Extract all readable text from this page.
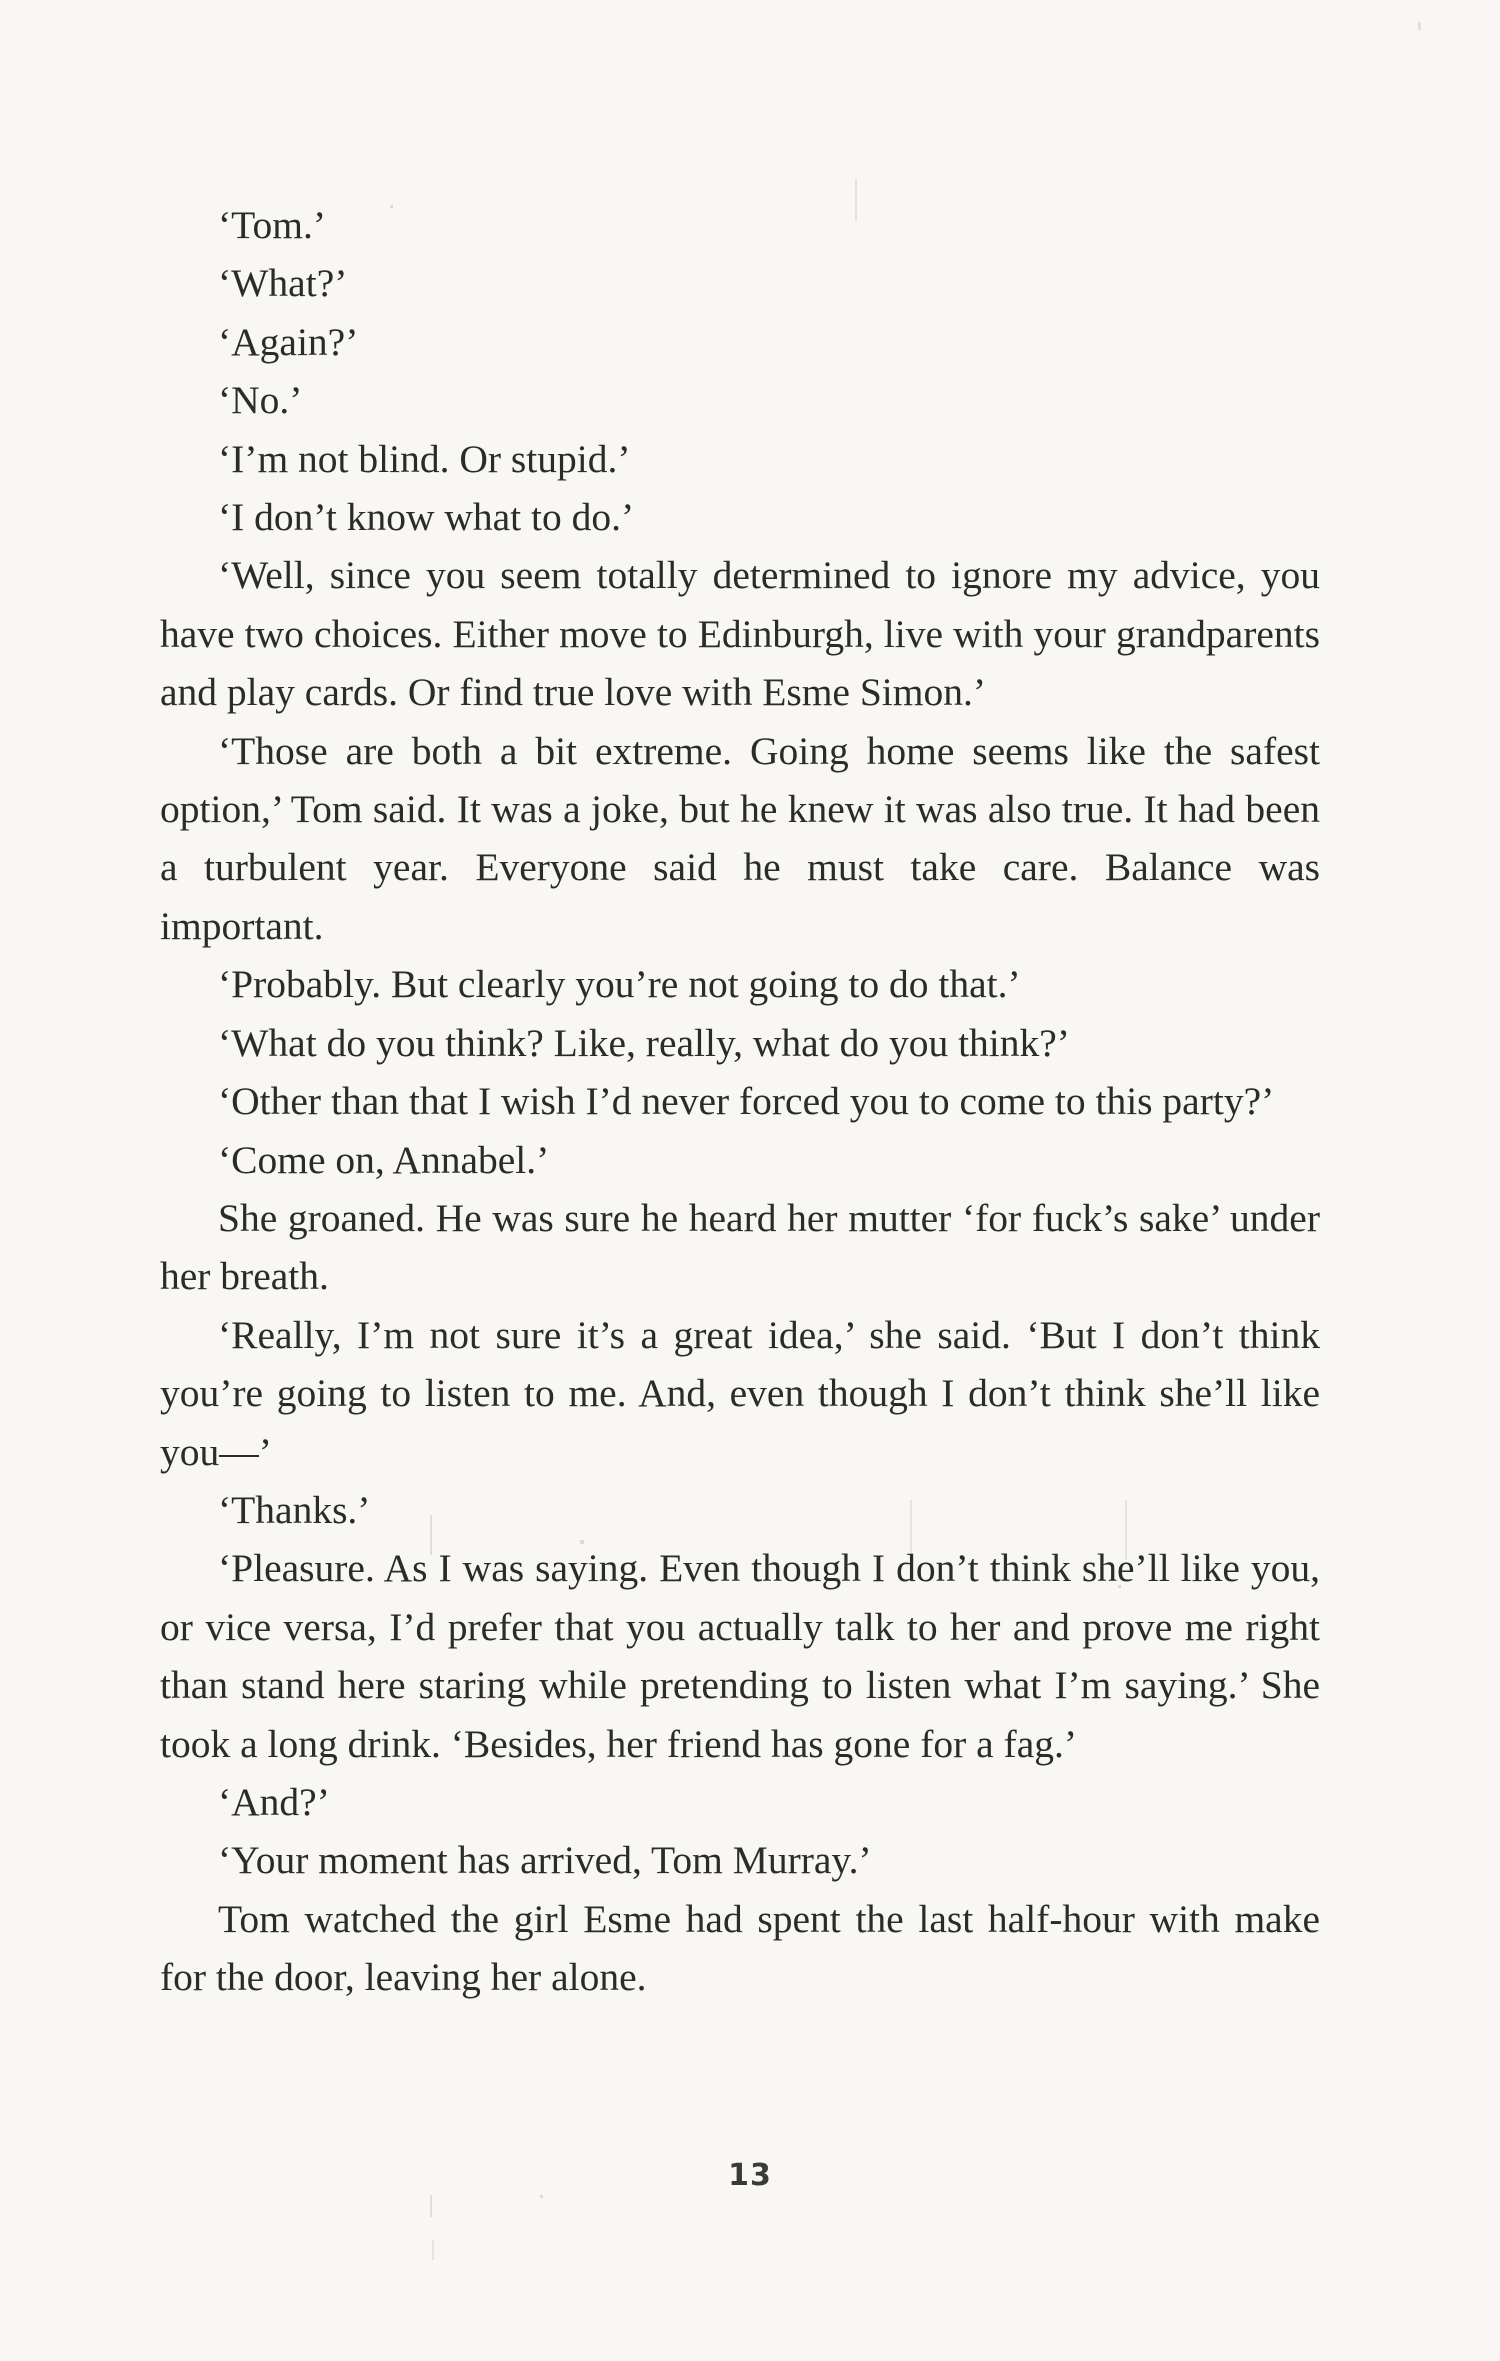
‘Tom.’

‘What?’

‘Again?’

‘No.’

‘I’m not blind. Or stupid.’

‘I don’t know what to do.’

‘Well, since you seem totally determined to ignore my advice, you have two choices. Either move to Edinburgh, live with your grandparents and play cards. Or find true love with Esme Simon.’

‘Those are both a bit extreme. Going home seems like the safest option,’ Tom said. It was a joke, but he knew it was also true. It had been a turbulent year. Everyone said he must take care. Balance was important.

‘Probably. But clearly you’re not going to do that.’

‘What do you think? Like, really, what do you think?’

‘Other than that I wish I’d never forced you to come to this party?’

‘Come on, Annabel.’

She groaned. He was sure he heard her mutter ‘for fuck’s sake’ under her breath.

‘Really, I’m not sure it’s a great idea,’ she said. ‘But I don’t think you’re going to listen to me. And, even though I don’t think she’ll like you—’

‘Thanks.’

‘Pleasure. As I was saying. Even though I don’t think she’ll like you, or vice versa, I’d prefer that you actually talk to her and prove me right than stand here staring while pretending to listen what I’m saying.’ She took a long drink. ‘Besides, her friend has gone for a fag.’

‘And?’

‘Your moment has arrived, Tom Murray.’

Tom watched the girl Esme had spent the last half-hour with make for the door, leaving her alone.

13
